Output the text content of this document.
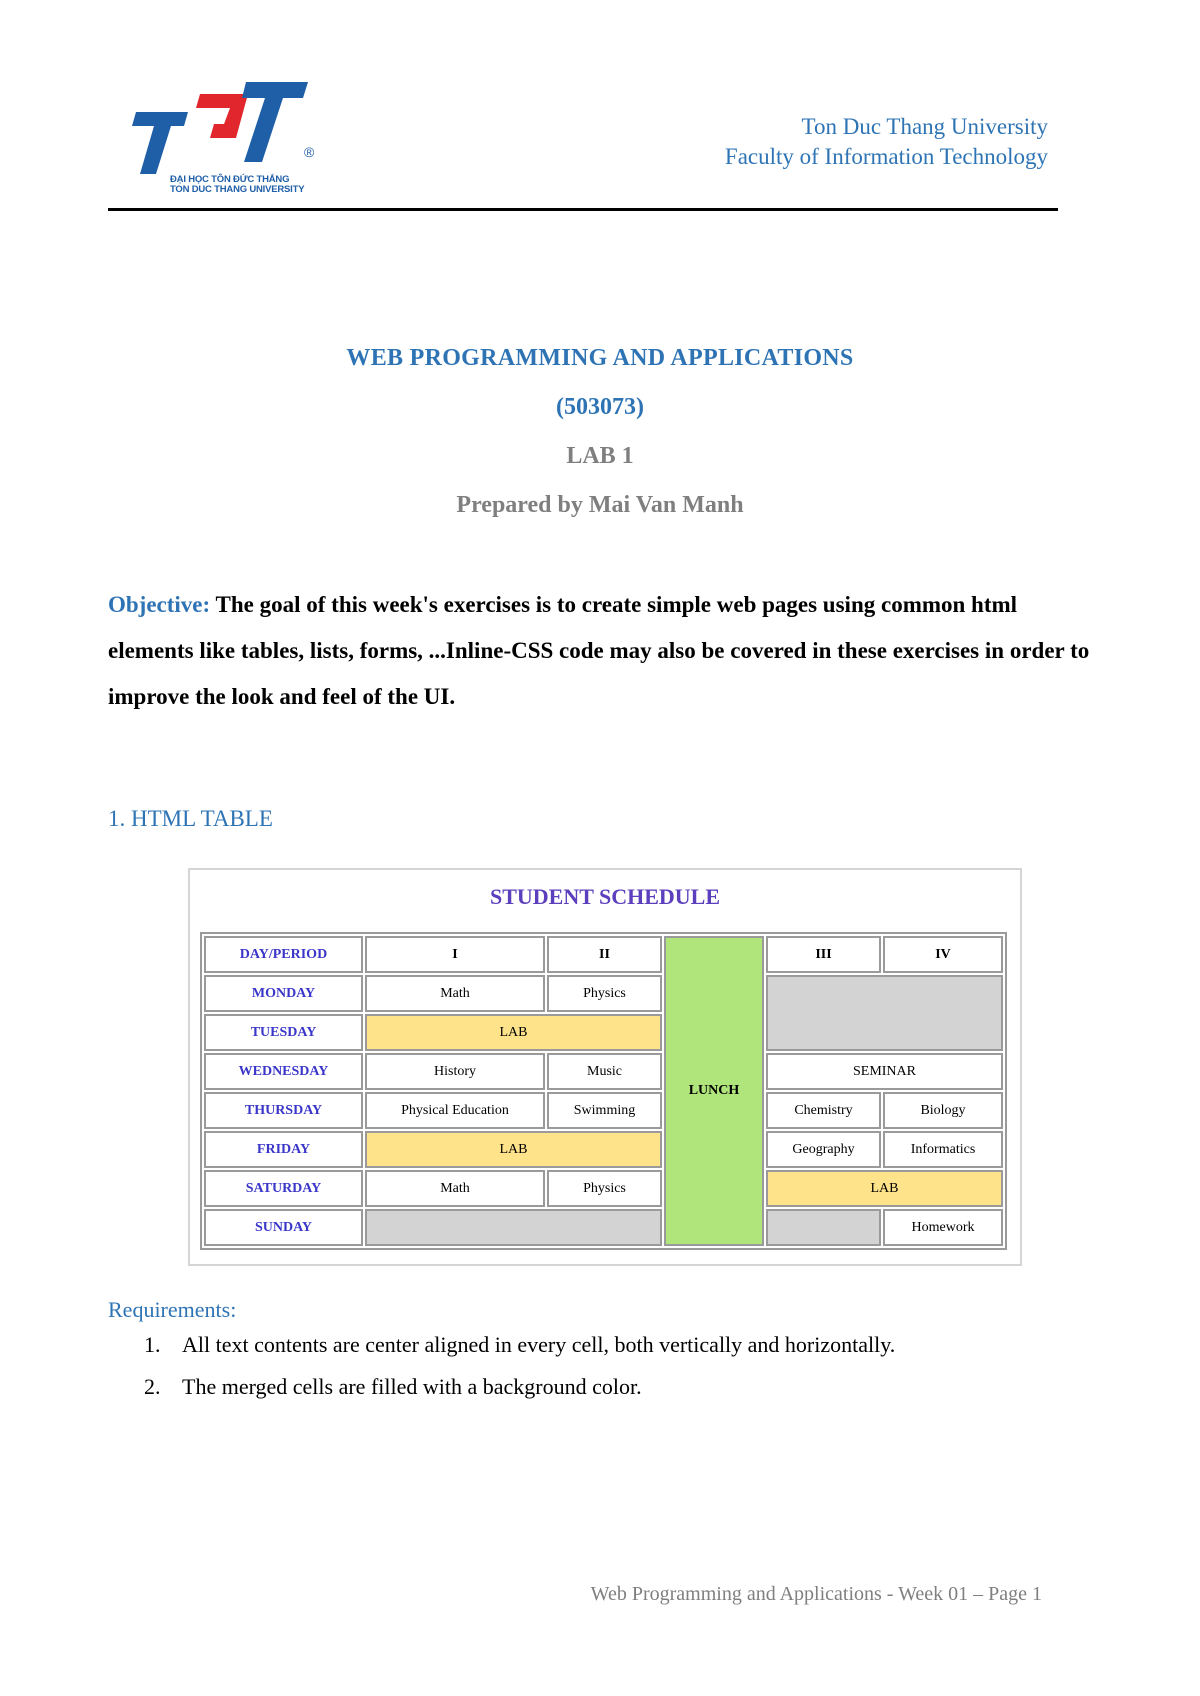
®
ĐẠI HỌC TÔN ĐỨC THẮNG
TON DUC THANG UNIVERSITY
Ton Duc Thang University
Faculty of Information Technology
WEB PROGRAMMING AND APPLICATIONS
(503073)
LAB 1
Prepared by Mai Van Manh
Objective: The goal of this week's exercises is to create simple web pages using common html elements like tables, lists, forms, ...Inline-CSS code may also be covered in these exercises in order to improve the look and feel of the UI.
1. HTML TABLE
STUDENT SCHEDULE
DAY/PERIOD	I	II	LUNCH	III	IV
MONDAY	Math	Physics			
TUESDAY	LAB				
WEDNESDAY	History	Music		SEMINAR	
THURSDAY	Physical Education	Swimming		Chemistry	Biology
FRIDAY	LAB			Geography	Informatics
SATURDAY	Math	Physics		LAB	
SUNDAY					Homework
Requirements:
1. All text contents are center aligned in every cell, both vertically and horizontally.
2. The merged cells are filled with a background color.
Web Programming and Applications - Week 01 – Page 1
